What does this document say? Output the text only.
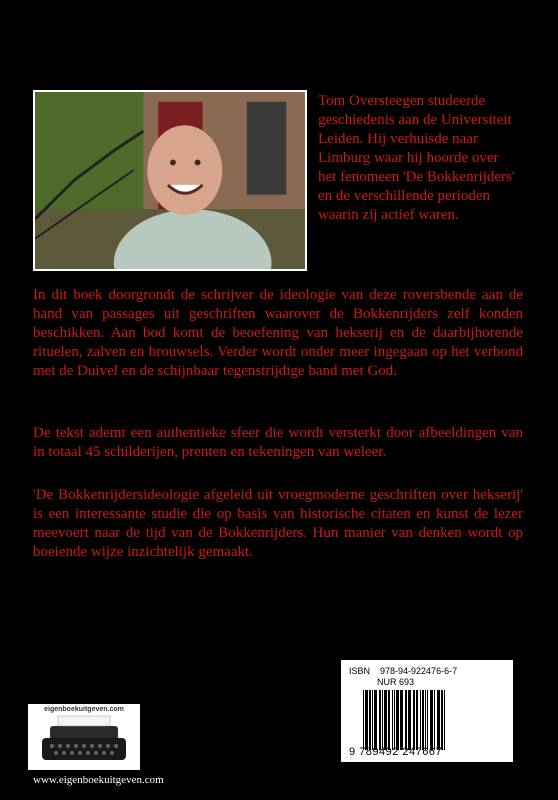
Tom Oversteegen studeerde geschiedenis aan de Universiteit Leiden. Hij verhuisde naar Limburg waar hij hoorde over het fenomeen 'De Bokkenrijders' en de verschillende perioden waarin zij actief waren.

In dit boek doorgrondt de schrijver de ideologie van deze roversbende aan de hand van passages uit geschriften waarover de Bokkenrijders zelf konden beschikken. Aan bod komt de beoefening van hekserij en de daarbijhorende rituelen, zalven en brouwsels. Verder wordt onder meer ingegaan op het verbond met de Duivel en de schijnbaar tegenstrijdige band met God.

De tekst ademt een authentieke sfeer die wordt versterkt door afbeeldingen van in totaal 45 schilderijen, prenten en tekeningen van weleer.

'De Bokkenrijdersideologie afgeleid uit vroegmoderne geschriften over hekserij' is een interessante studie die op basis van historische citaten en kunst de lezer meevoert naar de tijd van de Bokkenrijders. Hun manier van denken wordt op boeiende wijze inzichtelijk gemaakt.

ISBN 978-94-922476-6-7
NUR 693
9 789492 247667
eigenboekuitgeven.com
www.eigenboekuitgeven.com
